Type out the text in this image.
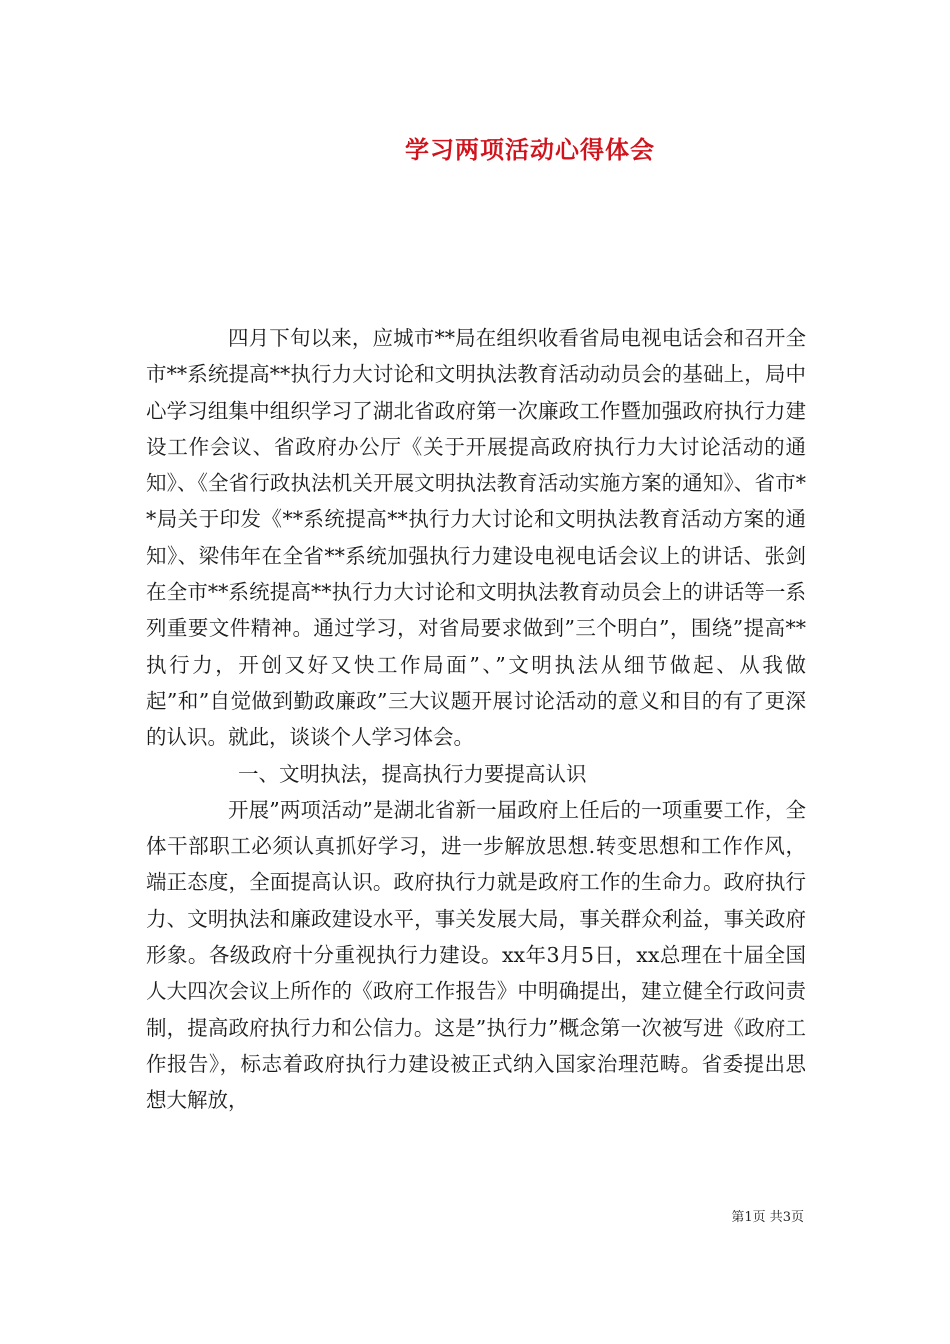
学习两项活动心得体会

四月下旬以来，应城市**局在组织收看省局电视电话会和召开全市**系统提高**执行力大讨论和文明执法教育活动动员会的基础上，局中心学习组集中组织学习了湖北省政府第一次廉政工作暨加强政府执行力建设工作会议、省政府办公厅《关于开展提高政府执行力大讨论活动的通知》、《全省行政执法机关开展文明执法教育活动实施方案的通知》、省市**局关于印发《**系统提高**执行力大讨论和文明执法教育活动方案的通知》、梁伟年在全省**系统加强执行力建设电视电话会议上的讲话、张剑在全市**系统提高**执行力大讨论和文明执法教育动员会上的讲话等一系列重要文件精神。通过学习，对省局要求做到”三个明白”，围绕”提高**执行力，开创又好又快工作局面”、”文明执法从细节做起、从我做起”和”自觉做到勤政廉政”三大议题开展讨论活动的意义和目的有了更深的认识。就此，谈谈个人学习体会。

一、文明执法，提高执行力要提高认识

开展”两项活动”是湖北省新一届政府上任后的一项重要工作，全体干部职工必须认真抓好学习，进一步解放思想.转变思想和工作作风，端正态度，全面提高认识。政府执行力就是政府工作的生命力。政府执行力、文明执法和廉政建设水平，事关发展大局，事关群众利益，事关政府形象。各级政府十分重视执行力建设。xx年3月5日，xx总理在十届全国人大四次会议上所作的《政府工作报告》中明确提出，建立健全行政问责制，提高政府执行力和公信力。这是”执行力”概念第一次被写进《政府工作报告》，标志着政府执行力建设被正式纳入国家治理范畴。省委提出思想大解放，

第1页 共3页
